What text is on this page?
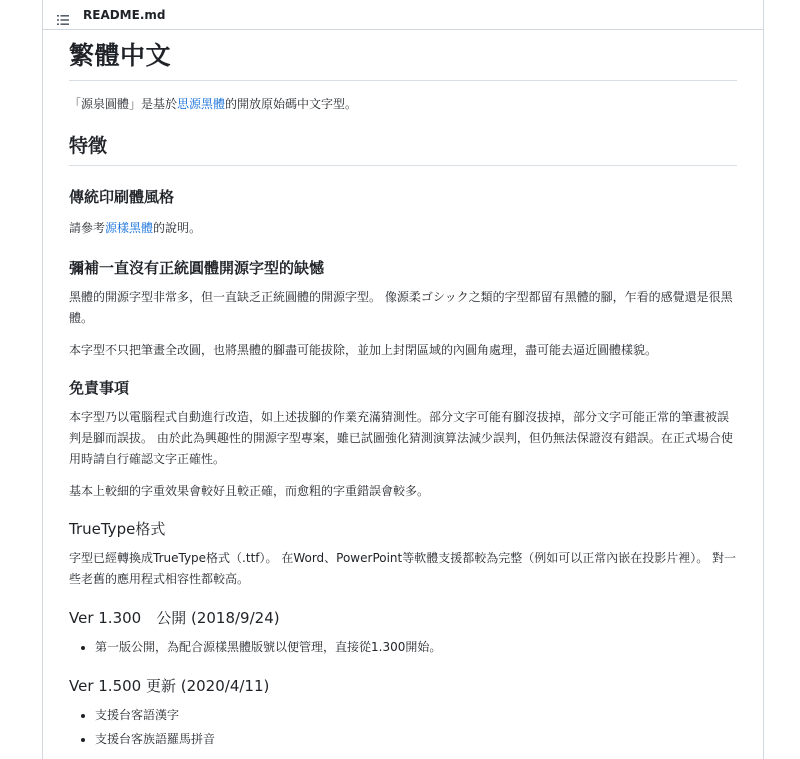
README.md
繁體中文

「源泉圓體」是基於思源黑體的開放原始碼中文字型。

特徵
傳統印刷體風格

請參考源樣黑體的說明。

彌補一直沒有正統圓體開源字型的缺憾

黑體的開源字型非常多，但一直缺乏正統圓體的開源字型。 像源柔ゴシック之類的字型都留有黑體的腳，乍看的感覺還是很黑體。

本字型不只把筆畫全改圓，也將黑體的腳盡可能拔除，並加上封閉區域的內圓角處理，盡可能去逼近圓體樣貌。

免責事項

本字型乃以電腦程式自動進行改造，如上述拔腳的作業充滿猜測性。部分文字可能有腳沒拔掉，部分文字可能正常的筆畫被誤判是腳而誤拔。 由於此為興趣性的開源字型專案，雖已試圖強化猜測演算法減少誤判，但仍無法保證沒有錯誤。在正式場合使用時請自行確認文字正確性。

基本上較細的字重效果會較好且較正確，而愈粗的字重錯誤會較多。

TrueType格式

字型已經轉換成TrueType格式（.ttf）。 在Word、PowerPoint等軟體支援都較為完整（例如可以正常內嵌在投影片裡）。 對一些老舊的應用程式相容性都較高。

Ver 1.300　公開 (2018/9/24)
• 第一版公開，為配合源樣黑體版號以便管理，直接從1.300開始。
Ver 1.500 更新 (2020/4/11)
• 支援台客語漢字
• 支援台客族語羅馬拼音
